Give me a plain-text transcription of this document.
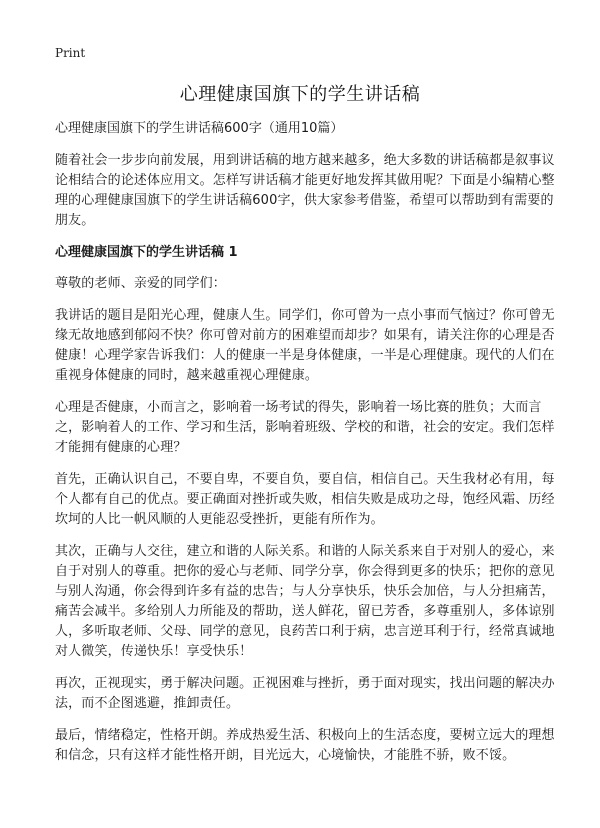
Print
心理健康国旗下的学生讲话稿

心理健康国旗下的学生讲话稿600字（通用10篇）

随着社会一步步向前发展，用到讲话稿的地方越来越多，绝大多数的讲话稿都是叙事议论相结合的论述体应用文。怎样写讲话稿才能更好地发挥其做用呢？下面是小编精心整理的心理健康国旗下的学生讲话稿600字，供大家参考借鉴，希望可以帮助到有需要的朋友。

心理健康国旗下的学生讲话稿 1

尊敬的老师、亲爱的同学们：

我讲话的题目是阳光心理，健康人生。同学们，你可曾为一点小事而气恼过？你可曾无缘无故地感到郁闷不快？你可曾对前方的困难望而却步？如果有，请关注你的心理是否健康！心理学家告诉我们：人的健康一半是身体健康，一半是心理健康。现代的人们在重视身体健康的同时，越来越重视心理健康。

心理是否健康，小而言之，影响着一场考试的得失，影响着一场比赛的胜负；大而言之，影响着人的工作、学习和生活，影响着班级、学校的和谐，社会的安定。我们怎样才能拥有健康的心理？

首先，正确认识自己，不要自卑，不要自负，要自信，相信自己。天生我材必有用，每个人都有自己的优点。要正确面对挫折或失败，相信失败是成功之母，饱经风霜、历经坎坷的人比一帆风顺的人更能忍受挫折，更能有所作为。

其次，正确与人交往，建立和谐的人际关系。和谐的人际关系来自于对别人的爱心，来自于对别人的尊重。把你的爱心与老师、同学分享，你会得到更多的快乐；把你的意见与别人沟通，你会得到许多有益的忠告；与人分享快乐，快乐会加倍，与人分担痛苦，痛苦会减半。多给别人力所能及的帮助，送人鲜花，留已芳香，多尊重别人，多体谅别人，多听取老师、父母、同学的意见，良药苦口利于病，忠言逆耳利于行，经常真诚地对人微笑，传递快乐！享受快乐！

再次，正视现实，勇于解决问题。正视困难与挫折，勇于面对现实，找出问题的解决办法，而不企图逃避，推卸责任。

最后，情绪稳定，性格开朗。养成热爱生活、积极向上的生活态度，要树立远大的理想和信念，只有这样才能性格开朗，目光远大，心境愉快，才能胜不骄，败不馁。
